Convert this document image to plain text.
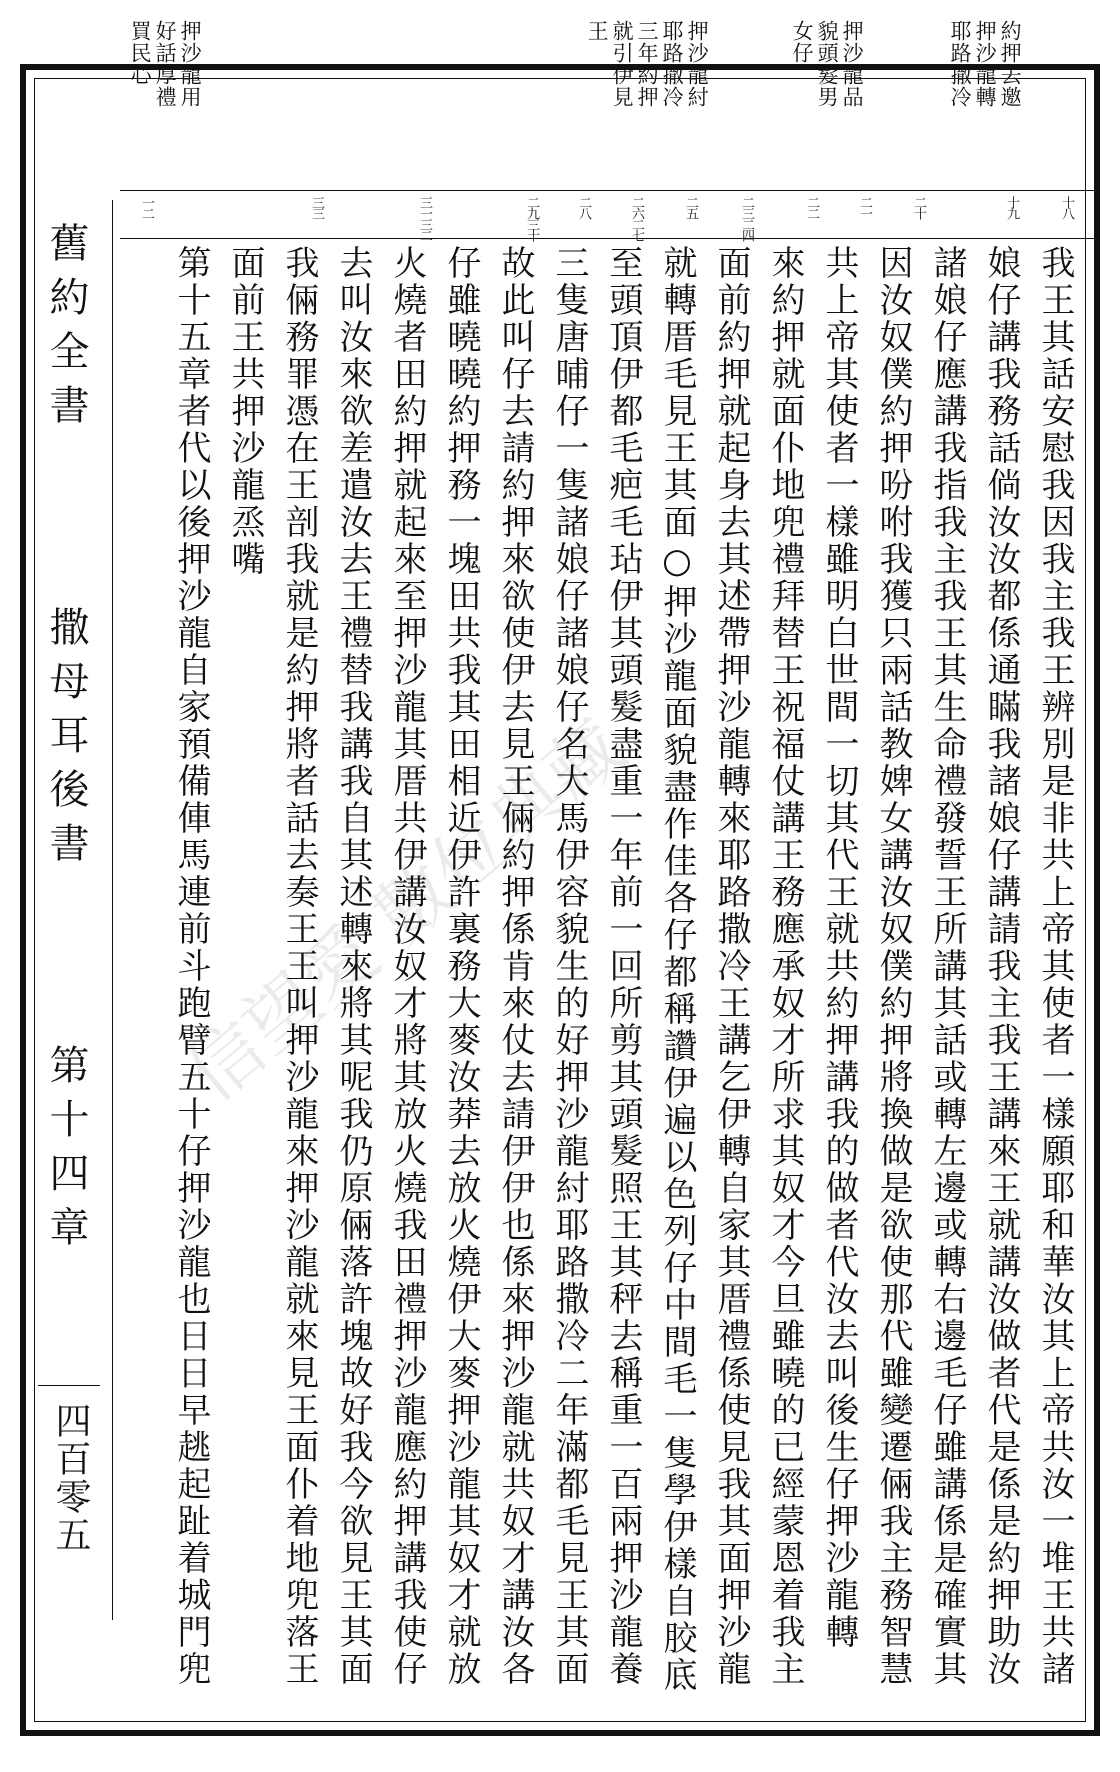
約押去邀
押沙龍轉
耶路撒冷
押沙龍品
貌頭髮男
女仔
押沙龍紂
耶路撒冷
三年約押
就引伊見
王
押沙龍用
好話厚禮
買民心
十八
十九
二十
二一
二二
二三二四
二五
二六二七
二八
二九三十
三一三二
三三
一二
我王其話安慰我因我主我王辨別是非共上帝其使者一樣願耶和華汝其上帝共汝一堆王共諸
娘仔講我務話倘汝汝都係通瞞我諸娘仔講請我主我王講來王就講汝做者代是係是約押助汝
諸娘仔應講我指我主我王其生命禮發誓王所講其話或轉左邊或轉右邊毛仔雖講係是確實其
因汝奴僕約押吩咐我獲只兩話教婢女講汝奴僕約押將換做是欲使那代雖變遷倆我主務智慧
共上帝其使者一樣雖明白世間一切其代王就共約押講我的做者代汝去叫後生仔押沙龍轉
來約押就面仆地兜禮拜替王祝福仗講王務應承奴才所求其奴才今旦雖曉的已經蒙恩着我主
面前約押就起身去其述帶押沙龍轉來耶路撒冷王講乞伊轉自家其厝禮係使見我其面押沙龍
就轉厝毛見王其面○押沙龍面貌盡作佳各仔都稱讚伊遍以色列仔中間毛一隻學伊樣自胶底
至頭頂伊都毛疤毛玷伊其頭髮盡重一年前一回所剪其頭髮照王其秤去稱重一百兩押沙龍養
三隻唐晡仔一隻諸娘仔諸娘仔名大馬伊容貌生的好押沙龍紂耶路撒冷二年滿都毛見王其面
故此叫仔去請約押來欲使伊去見王倆約押係肯來仗去請伊伊也係來押沙龍就共奴才講汝各
仔雖曉曉約押務一塊田共我其田相近伊許裏務大麥汝莽去放火燒伊大麥押沙龍其奴才就放
火燒者田約押就起來至押沙龍其厝共伊講汝奴才將其放火燒我田禮押沙龍應約押講我使仔
去叫汝來欲差遣汝去王禮替我講我自其述轉來將其呢我仍原倆落許塊故好我今欲見王其面
我倆務罪憑在王剖我就是約押將者話去奏王王叫押沙龍來押沙龍就來見王面仆着地兜落王
面前王共押沙龍烝嘴
第十五章者代以後押沙龍自家預備俥馬連前斗跑臂五十仔押沙龍也日日早趒起趾着城門兜
舊約全書  撒母耳後書  第十四章
四百零五
